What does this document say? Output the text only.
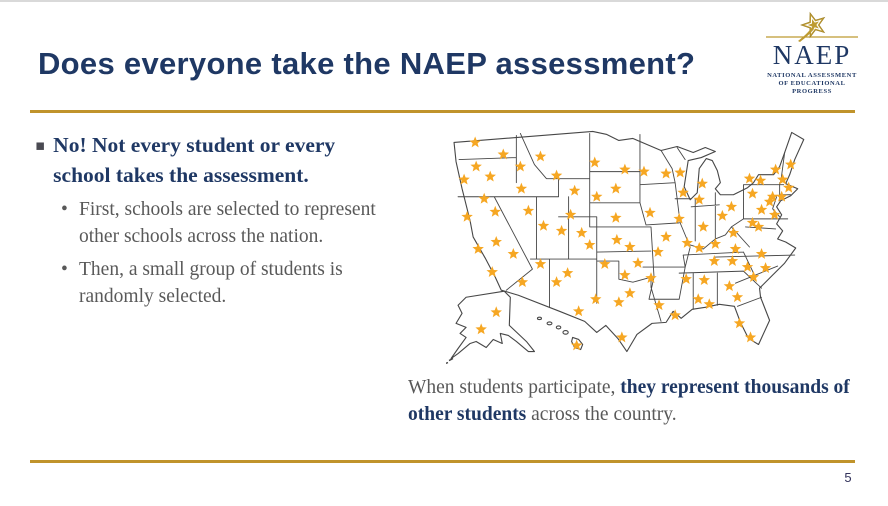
Does everyone take the NAEP assessment?	NAEP
NATIONAL ASSESSMENT
OF EDUCATIONAL
PROGRESS
▪ No! Not every student or every school takes the assessment.
• First, schools are selected to represent other schools across the nation.
• Then, a small group of students is randomly selected.
When students participate, they represent thousands of other students across the country.
5
